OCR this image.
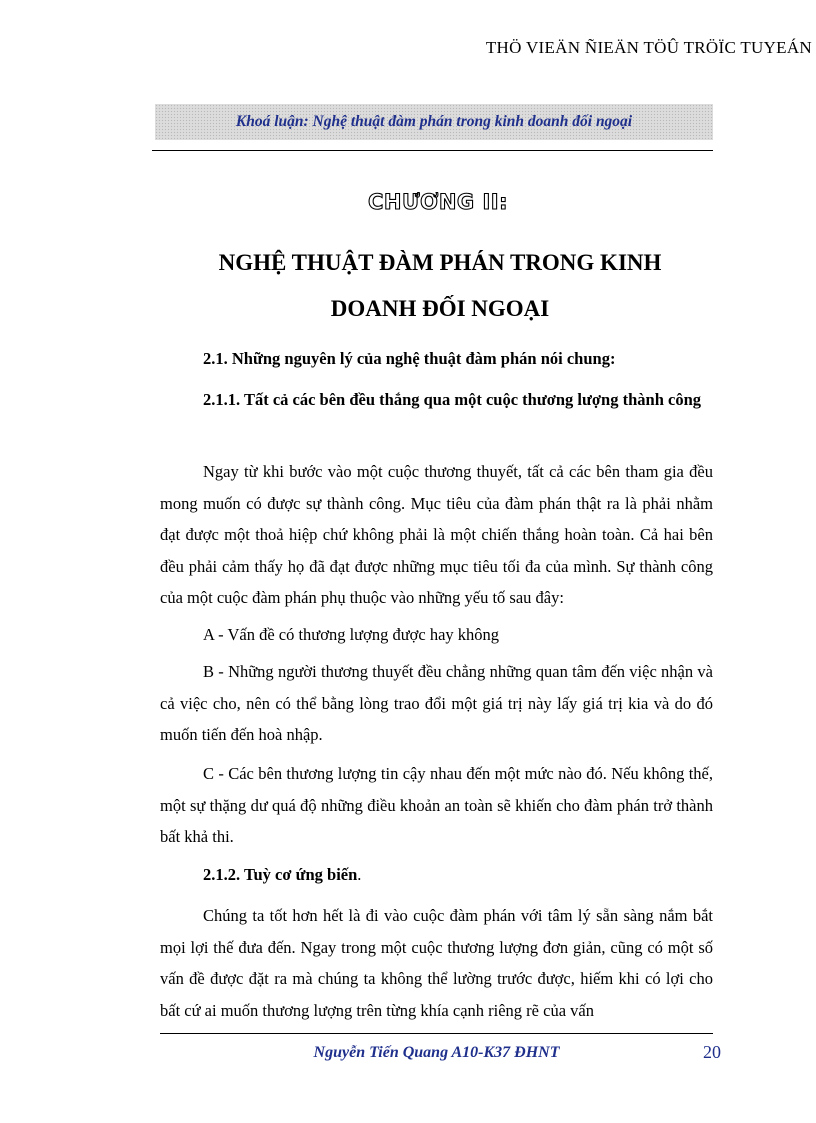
THÖ VIEÄN ÑIEÄN TÖÛ TRÖÏC TUYEÁN
Khoá luận: Nghệ thuật đàm phán trong kinh doanh đối ngoại
CHƯƠNG II:
NGHỆ THUẬT ĐÀM PHÁN TRONG KINH
DOANH ĐỐI NGOẠI

2.1. Những nguyên lý của nghệ thuật đàm phán nói chung:

2.1.1. Tất cả các bên đều thắng qua một cuộc thương lượng thành công

Ngay từ khi bước vào một cuộc thương thuyết, tất cả các bên tham gia đều mong muốn có được sự thành công. Mục tiêu của đàm phán thật ra là phải nhằm đạt được một thoả hiệp chứ không phải là một chiến thắng hoàn toàn. Cả hai bên đều phải cảm thấy họ đã đạt được những mục tiêu tối đa của mình. Sự thành công của một cuộc đàm phán phụ thuộc vào những yếu tố sau đây:

A - Vấn đề có thương lượng được hay không

B - Những người thương thuyết đều chẳng những quan tâm đến việc nhận và cả việc cho, nên có thể bằng lòng trao đổi một giá trị này lấy giá trị kia và do đó muốn tiến đến hoà nhập.

C - Các bên thương lượng tin cậy nhau đến một mức nào đó. Nếu không thế, một sự thặng dư quá độ những điều khoản an toàn sẽ khiến cho đàm phán trở thành bất khả thi.

2.1.2. Tuỳ cơ ứng biến.

Chúng ta tốt hơn hết là đi vào cuộc đàm phán với tâm lý sẵn sàng nắm bắt mọi lợi thế đưa đến. Ngay trong một cuộc thương lượng đơn giản, cũng có một số vấn đề được đặt ra mà chúng ta không thể lường trước được, hiếm khi có lợi cho bất cứ ai muốn thương lượng trên từng khía cạnh riêng rẽ của vấn

Nguyễn Tiến Quang A10-K37 ĐHNT	20
